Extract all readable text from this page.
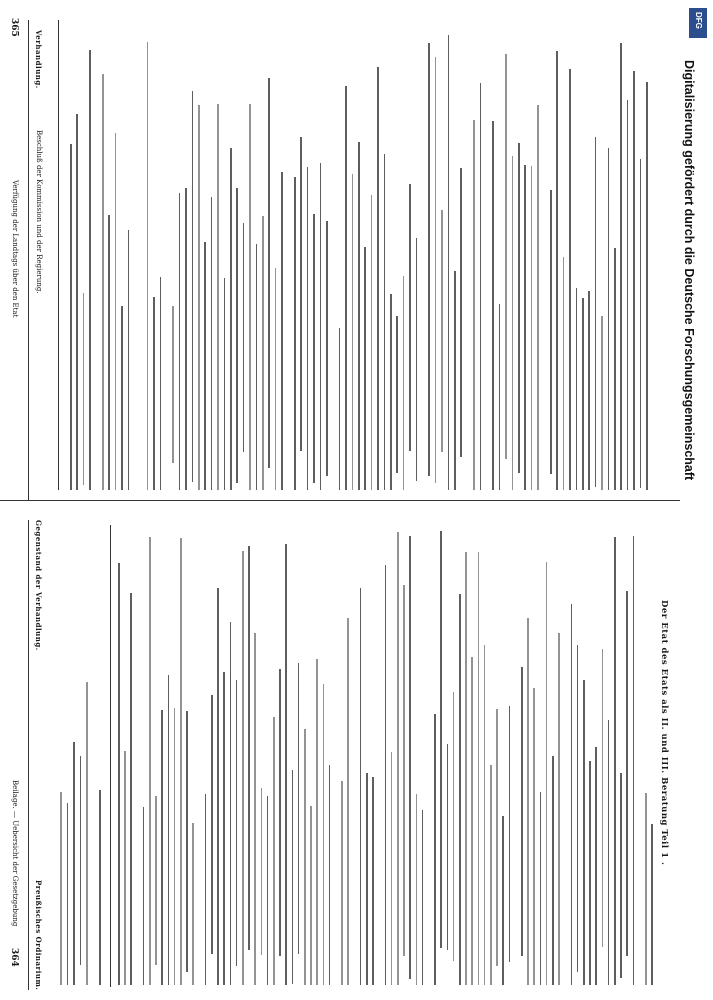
364 Preußisches Ordinarium.
Beilage. — Uebersicht der Gesetzgebung
Gegenstand der Verhandlung.
Der Etat des Etats als II. und III. Beratung Teil 1 .
365
Verfügung der Landtags über den Etat Beschluß der Kommission und der Regierung.
Verhandlung.
DFG
Digitalisierung gefördert durch die Deutsche Forschungsgemeinschaft
